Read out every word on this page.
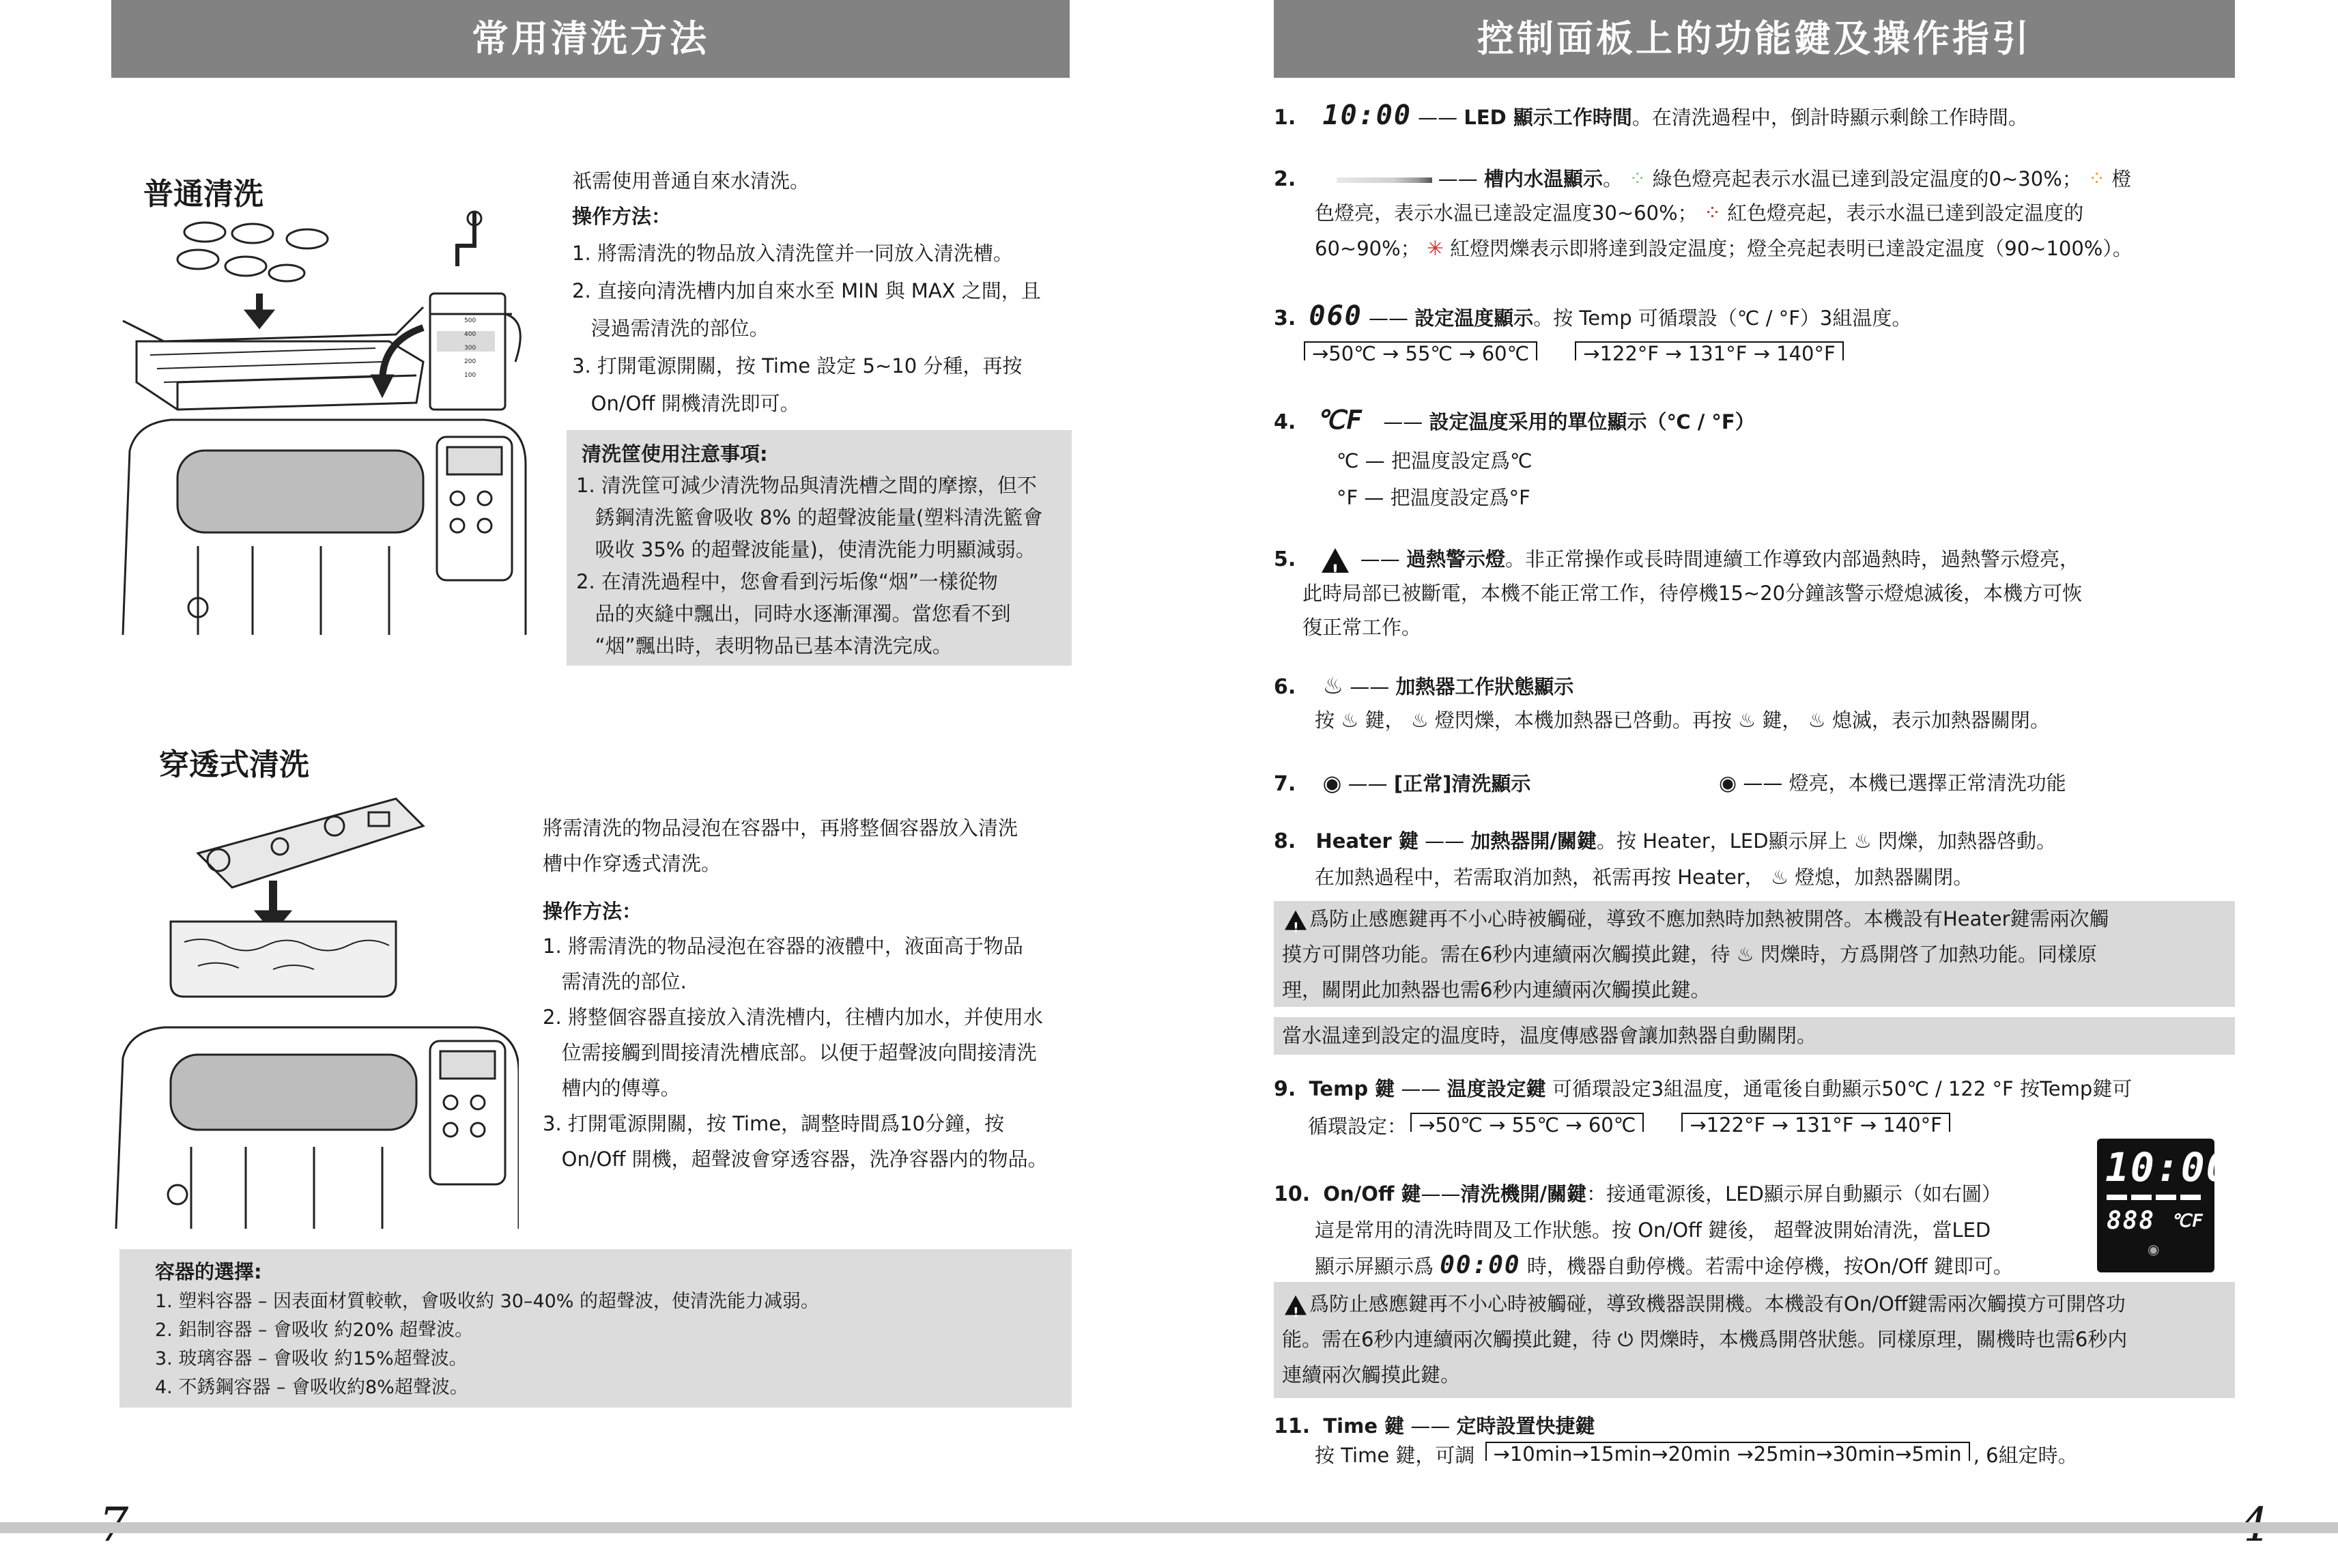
常用清洗方法
普通清洗
500
400
300
200
100
祇需使用普通自來水清洗。
操作方法：
1. 將需清洗的物品放入清洗筐并一同放入清洗槽。
2. 直接向清洗槽内加自來水至 MIN 與 MAX 之間，且
浸過需清洗的部位。
3. 打開電源開關，按 Time 設定 5~10 分種，再按
On/Off 開機清洗即可。
清洗筐使用注意事項:
1. 清洗筐可減少清洗物品與清洗槽之間的摩擦，但不
銹鋼清洗籃會吸收 8% 的超聲波能量(塑料清洗籃會
吸收 35% 的超聲波能量)，使清洗能力明顯減弱。
2. 在清洗過程中，您會看到污垢像“烟”一樣從物
品的夾縫中飄出，同時水逐漸渾濁。當您看不到
“烟”飄出時，表明物品已基本清洗完成。
穿透式清洗
將需清洗的物品浸泡在容器中，再將整個容器放入清洗
槽中作穿透式清洗。
操作方法：
1. 將需清洗的物品浸泡在容器的液體中，液面高于物品
需清洗的部位.
2. 將整個容器直接放入清洗槽内，往槽内加水，并使用水
位需接觸到間接清洗槽底部。以便于超聲波向間接清洗
槽内的傳導。
3. 打開電源開關，按 Time，調整時間爲10分鐘，按
On/Off 開機，超聲波會穿透容器，洗净容器内的物品。
容器的選擇:
1. 塑料容器 – 因表面材質較軟，會吸收約 30–40% 的超聲波，使清洗能力减弱。
2. 鋁制容器 – 會吸收 約20% 超聲波。
3. 玻璃容器 – 會吸收 約15%超聲波。
4. 不銹鋼容器 – 會吸收約8%超聲波。
控制面板上的功能鍵及操作指引
1. 10:00 —— LED 顯示工作時間。在清洗過程中，倒計時顯示剩餘工作時間。
2.	—— 槽内水温顯示。 ⁘ 綠色燈亮起表示水温已達到設定温度的0~30%； ⁘ 橙
色燈亮，表示水温已達設定温度30~60%； ⁘ 紅色燈亮起，表示水温已達到設定温度的
60~90%； ✳ 紅燈閃爍表示即將達到設定温度；燈全亮起表明已達設定温度（90~100%）。
3. 060 —— 設定温度顯示。按 Temp 可循環設（℃ / °F）3組温度。
→50℃ → 55℃ → 60℃	→122°F → 131°F → 140°F
4. ℃F —— 設定温度采用的單位顯示（℃ / °F）
℃ — 把温度設定爲℃
°F — 把温度設定爲°F
5. !	—— 過熱警示燈。非正常操作或長時間連續工作導致内部過熱時，過熱警示燈亮，
此時局部已被斷電，本機不能正常工作，待停機15~20分鐘該警示燈熄滅後，本機方可恢
復正常工作。
6. ♨ —— 加熱器工作狀態顯示
按 ♨ 鍵， ♨ 燈閃爍，本機加熱器已啓動。再按 ♨ 鍵， ♨ 熄滅，表示加熱器關閉。
7. ◉ —— [正常]清洗顯示	◉ —— 燈亮，本機已選擇正常清洗功能
8. Heater 鍵 —— 加熱器開/關鍵。按 Heater，LED顯示屏上 ♨ 閃爍，加熱器啓動。
在加熱過程中，若需取消加熱，祇需再按 Heater， ♨ 燈熄，加熱器關閉。
!爲防止感應鍵再不小心時被觸碰，導致不應加熱時加熱被開啓。本機設有Heater鍵需兩次觸
摸方可開啓功能。需在6秒内連續兩次觸摸此鍵，待 ♨ 閃爍時，方爲開啓了加熱功能。同樣原
理，關閉此加熱器也需6秒内連續兩次觸摸此鍵。
當水温達到設定的温度時，温度傳感器會讓加熱器自動關閉。
9. Temp 鍵 —— 温度設定鍵 可循環設定3組温度，通電後自動顯示50℃ / 122 °F 按Temp鍵可
循環設定： →50℃ → 55℃ → 60℃	→122°F → 131°F → 140°F
10. On/Off 鍵——清洗機開/關鍵：接通電源後，LED顯示屏自動顯示（如右圖）
這是常用的清洗時間及工作狀態。按 On/Off 鍵後， 超聲波開始清洗，當LED
顯示屏顯示爲 00:00 時，機器自動停機。若需中途停機，按On/Off 鍵即可。
10:00
888 ℃F
◉
!爲防止感應鍵再不小心時被觸碰，導致機器誤開機。本機設有On/Off鍵需兩次觸摸方可開啓功
能。需在6秒内連續兩次觸摸此鍵，待 ⏻ 閃爍時，本機爲開啓狀態。同樣原理，關機時也需6秒内
連續兩次觸摸此鍵。
11. Time 鍵 —— 定時設置快捷鍵
按 Time 鍵，可調 →10min→15min→20min →25min→30min→5min , 6組定時。
